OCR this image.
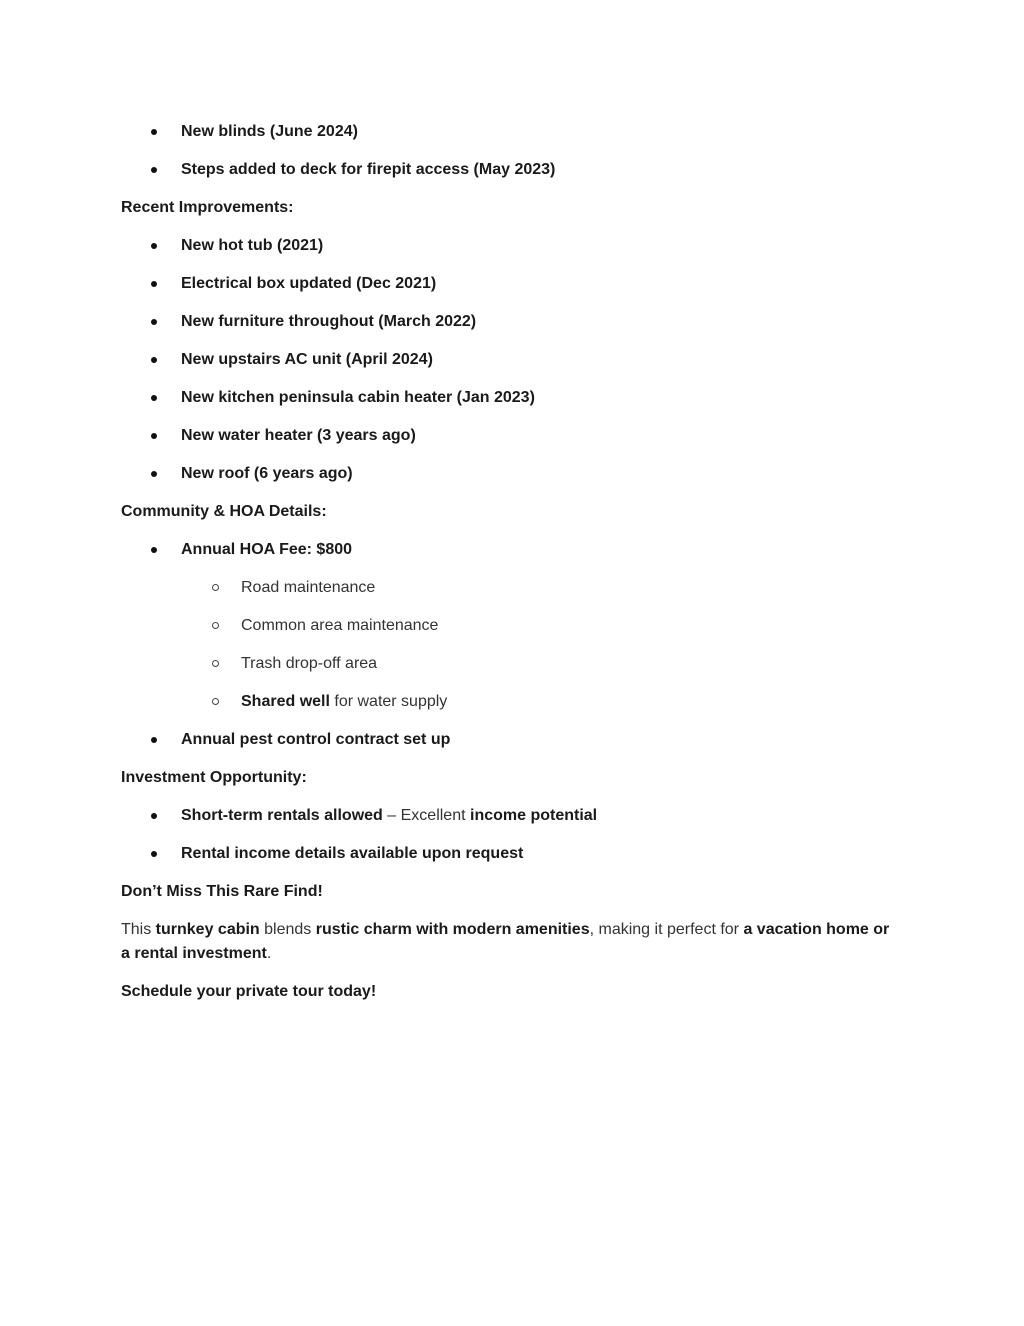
New blinds (June 2024)
Steps added to deck for firepit access (May 2023)
Recent Improvements:
New hot tub (2021)
Electrical box updated (Dec 2021)
New furniture throughout (March 2022)
New upstairs AC unit (April 2024)
New kitchen peninsula cabin heater (Jan 2023)
New water heater (3 years ago)
New roof (6 years ago)
Community & HOA Details:
Annual HOA Fee: $800
Road maintenance
Common area maintenance
Trash drop-off area
Shared well for water supply
Annual pest control contract set up
Investment Opportunity:
Short-term rentals allowed – Excellent income potential
Rental income details available upon request
Don’t Miss This Rare Find!

This turnkey cabin blends rustic charm with modern amenities, making it perfect for a vacation home or a rental investment.

Schedule your private tour today!
